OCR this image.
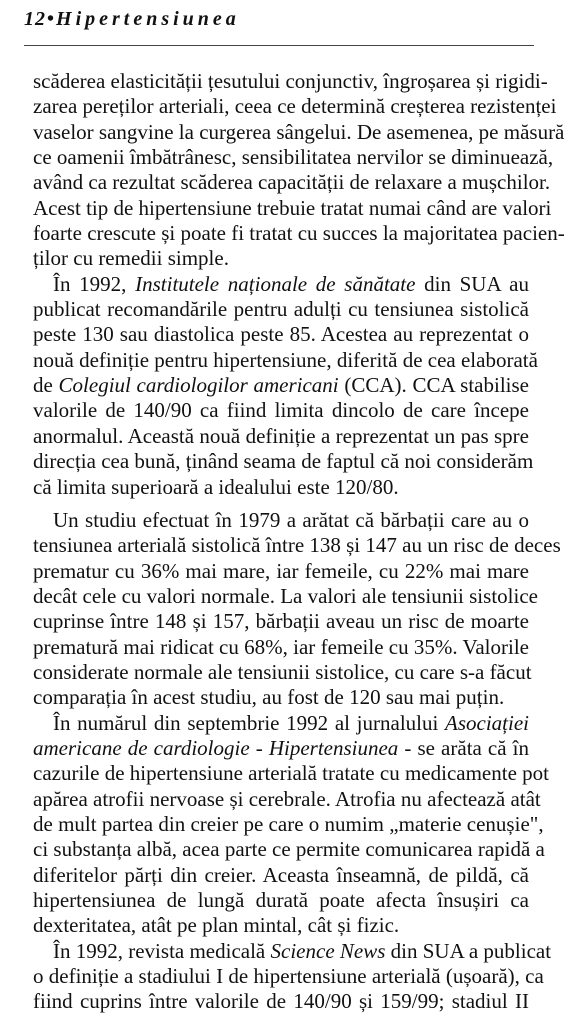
12• Hipertensiunea
scăderea elasticității țesutului conjunctiv, îngroșarea și rigidi-
zarea pereților arteriali, ceea ce determină creșterea rezistenței
vaselor sangvine la curgerea sângelui. De asemenea, pe măsură
ce oamenii îmbătrânesc, sensibilitatea nervilor se diminuează,
având ca rezultat scăderea capacității de relaxare a mușchilor.
Acest tip de hipertensiune trebuie tratat numai când are valori
foarte crescute și poate fi tratat cu succes la majoritatea pacien-
ților cu remedii simple.
În 1992, Institutele naționale de sănătate din SUA au
publicat recomandările pentru adulți cu tensiunea sistolică
peste 130 sau diastolica peste 85. Acestea au reprezentat o
nouă definiție pentru hipertensiune, diferită de cea elaborată
de Colegiul cardiologilor americani (CCA). CCA stabilise
valorile de 140/90 ca fiind limita dincolo de care începe
anormalul. Această nouă definiție a reprezentat un pas spre
direcția cea bună, ținând seama de faptul că noi considerăm
că limita superioară a idealului este 120/80.
Un studiu efectuat în 1979 a arătat că bărbații care au o
tensiunea arterială sistolică între 138 și 147 au un risc de deces
prematur cu 36% mai mare, iar femeile, cu 22% mai mare
decât cele cu valori normale. La valori ale tensiunii sistolice
cuprinse între 148 și 157, bărbații aveau un risc de moarte
prematură mai ridicat cu 68%, iar femeile cu 35%. Valorile
considerate normale ale tensiunii sistolice, cu care s-a făcut
comparația în acest studiu, au fost de 120 sau mai puțin.
În numărul din septembrie 1992 al jurnalului Asociației
americane de cardiologie - Hipertensiunea - se arăta că în
cazurile de hipertensiune arterială tratate cu medicamente pot
apărea atrofii nervoase și cerebrale. Atrofia nu afectează atât
de mult partea din creier pe care o numim „materie cenușie",
ci substanța albă, acea parte ce permite comunicarea rapidă a
diferitelor părți din creier. Aceasta înseamnă, de pildă, că
hipertensiunea de lungă durată poate afecta însușiri ca
dexteritatea, atât pe plan mintal, cât și fizic.
În 1992, revista medicală Science News din SUA a publicat
o definiție a stadiului I de hipertensiune arterială (ușoară), ca
fiind cuprins între valorile de 140/90 și 159/99; stadiul II
